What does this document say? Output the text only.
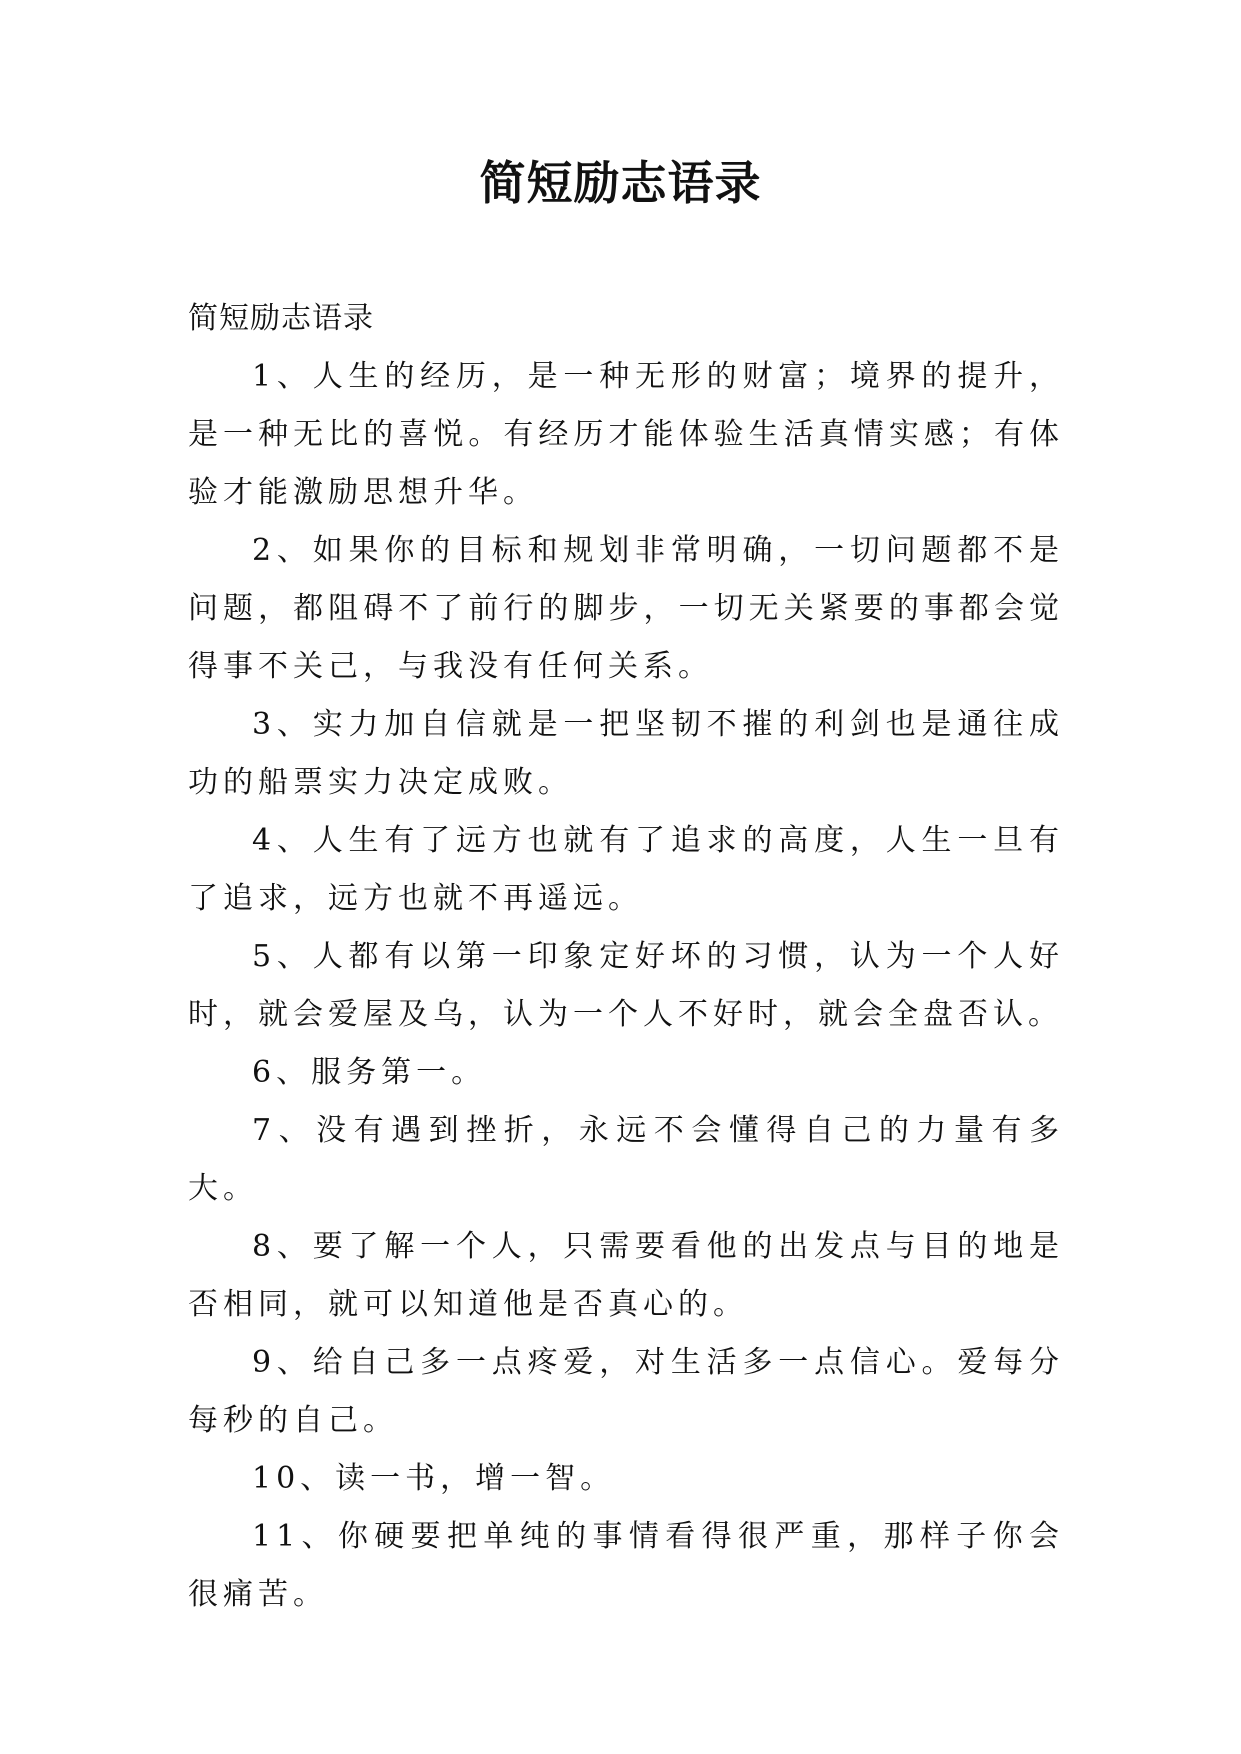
简短励志语录

简短励志语录

1、人生的经历，是一种无形的财富；境界的提升，是一种无比的喜悦。有经历才能体验生活真情实感；有体验才能激励思想升华。

2、如果你的目标和规划非常明确，一切问题都不是问题，都阻碍不了前行的脚步，一切无关紧要的事都会觉得事不关己，与我没有任何关系。

3、实力加自信就是一把坚韧不摧的利剑也是通往成功的船票实力决定成败。

4、人生有了远方也就有了追求的高度，人生一旦有了追求，远方也就不再遥远。

5、人都有以第一印象定好坏的习惯，认为一个人好时，就会爱屋及乌，认为一个人不好时，就会全盘否认。

6、服务第一。

7、没有遇到挫折，永远不会懂得自己的力量有多大。

8、要了解一个人，只需要看他的出发点与目的地是否相同，就可以知道他是否真心的。

9、给自己多一点疼爱，对生活多一点信心。爱每分每秒的自己。

10、读一书，增一智。

11、你硬要把单纯的事情看得很严重，那样子你会很痛苦。
